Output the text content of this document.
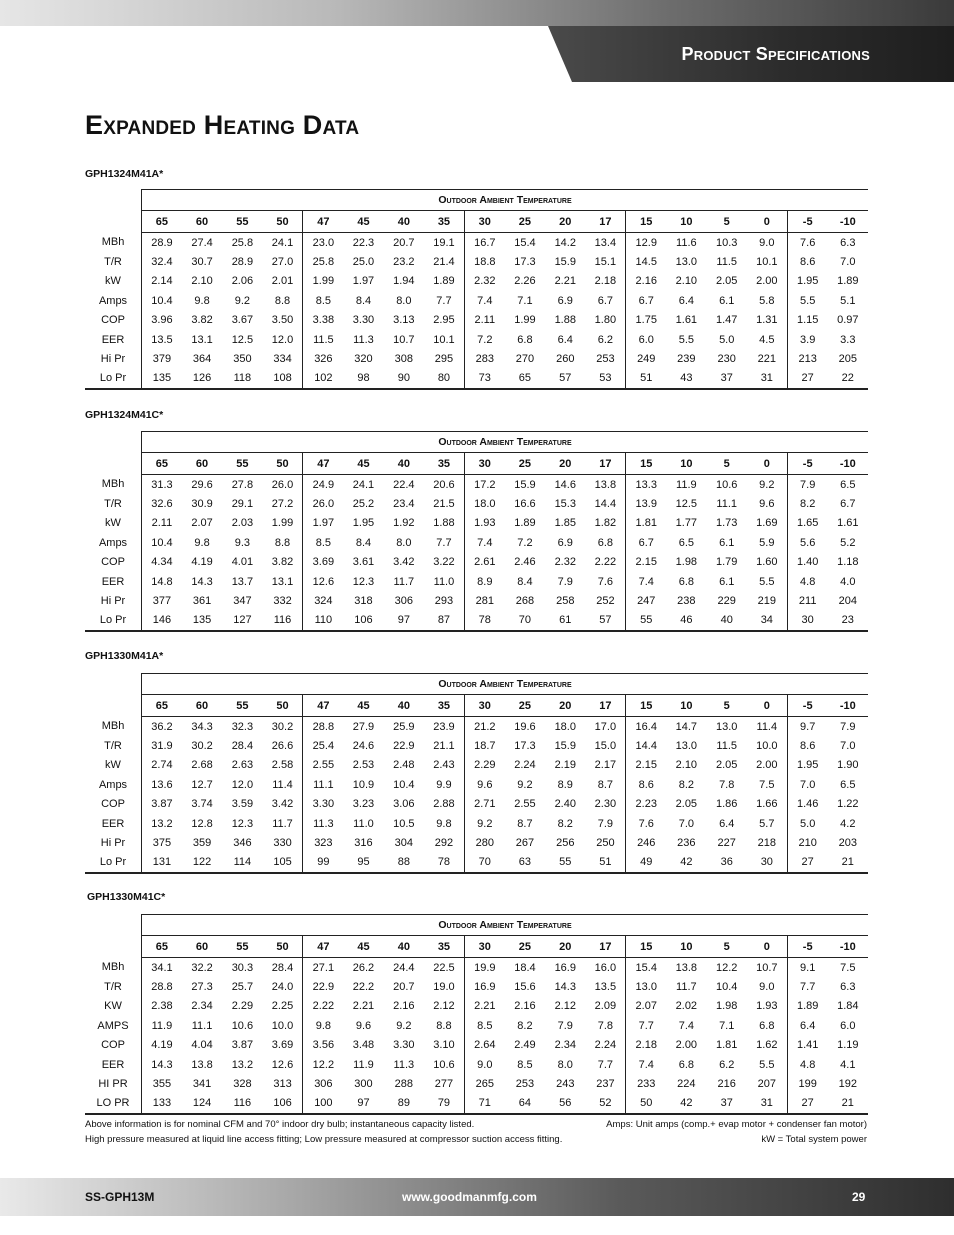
Product Specifications
Expanded Heating Data
GPH1324M41A*
	Outdoor Ambient Temperature																	
	65	60	55	50	47	45	40	35	30	25	20	17	15	10	5	0	-5	-10
MBh	28.9	27.4	25.8	24.1	23.0	22.3	20.7	19.1	16.7	15.4	14.2	13.4	12.9	11.6	10.3	9.0	7.6	6.3
T/R	32.4	30.7	28.9	27.0	25.8	25.0	23.2	21.4	18.8	17.3	15.9	15.1	14.5	13.0	11.5	10.1	8.6	7.0
kW	2.14	2.10	2.06	2.01	1.99	1.97	1.94	1.89	2.32	2.26	2.21	2.18	2.16	2.10	2.05	2.00	1.95	1.89
Amps	10.4	9.8	9.2	8.8	8.5	8.4	8.0	7.7	7.4	7.1	6.9	6.7	6.7	6.4	6.1	5.8	5.5	5.1
COP	3.96	3.82	3.67	3.50	3.38	3.30	3.13	2.95	2.11	1.99	1.88	1.80	1.75	1.61	1.47	1.31	1.15	0.97
EER	13.5	13.1	12.5	12.0	11.5	11.3	10.7	10.1	7.2	6.8	6.4	6.2	6.0	5.5	5.0	4.5	3.9	3.3
Hi Pr	379	364	350	334	326	320	308	295	283	270	260	253	249	239	230	221	213	205
Lo Pr	135	126	118	108	102	98	90	80	73	65	57	53	51	43	37	31	27	22
GPH1324M41C*
	Outdoor Ambient Temperature																	
	65	60	55	50	47	45	40	35	30	25	20	17	15	10	5	0	-5	-10
MBh	31.3	29.6	27.8	26.0	24.9	24.1	22.4	20.6	17.2	15.9	14.6	13.8	13.3	11.9	10.6	9.2	7.9	6.5
T/R	32.6	30.9	29.1	27.2	26.0	25.2	23.4	21.5	18.0	16.6	15.3	14.4	13.9	12.5	11.1	9.6	8.2	6.7
kW	2.11	2.07	2.03	1.99	1.97	1.95	1.92	1.88	1.93	1.89	1.85	1.82	1.81	1.77	1.73	1.69	1.65	1.61
Amps	10.4	9.8	9.3	8.8	8.5	8.4	8.0	7.7	7.4	7.2	6.9	6.8	6.7	6.5	6.1	5.9	5.6	5.2
COP	4.34	4.19	4.01	3.82	3.69	3.61	3.42	3.22	2.61	2.46	2.32	2.22	2.15	1.98	1.79	1.60	1.40	1.18
EER	14.8	14.3	13.7	13.1	12.6	12.3	11.7	11.0	8.9	8.4	7.9	7.6	7.4	6.8	6.1	5.5	4.8	4.0
Hi Pr	377	361	347	332	324	318	306	293	281	268	258	252	247	238	229	219	211	204
Lo Pr	146	135	127	116	110	106	97	87	78	70	61	57	55	46	40	34	30	23
GPH1330M41A*
	Outdoor Ambient Temperature																	
	65	60	55	50	47	45	40	35	30	25	20	17	15	10	5	0	-5	-10
MBh	36.2	34.3	32.3	30.2	28.8	27.9	25.9	23.9	21.2	19.6	18.0	17.0	16.4	14.7	13.0	11.4	9.7	7.9
T/R	31.9	30.2	28.4	26.6	25.4	24.6	22.9	21.1	18.7	17.3	15.9	15.0	14.4	13.0	11.5	10.0	8.6	7.0
kW	2.74	2.68	2.63	2.58	2.55	2.53	2.48	2.43	2.29	2.24	2.19	2.17	2.15	2.10	2.05	2.00	1.95	1.90
Amps	13.6	12.7	12.0	11.4	11.1	10.9	10.4	9.9	9.6	9.2	8.9	8.7	8.6	8.2	7.8	7.5	7.0	6.5
COP	3.87	3.74	3.59	3.42	3.30	3.23	3.06	2.88	2.71	2.55	2.40	2.30	2.23	2.05	1.86	1.66	1.46	1.22
EER	13.2	12.8	12.3	11.7	11.3	11.0	10.5	9.8	9.2	8.7	8.2	7.9	7.6	7.0	6.4	5.7	5.0	4.2
Hi Pr	375	359	346	330	323	316	304	292	280	267	256	250	246	236	227	218	210	203
Lo Pr	131	122	114	105	99	95	88	78	70	63	55	51	49	42	36	30	27	21
GPH1330M41C*
	Outdoor Ambient Temperature																	
	65	60	55	50	47	45	40	35	30	25	20	17	15	10	5	0	-5	-10
MBh	34.1	32.2	30.3	28.4	27.1	26.2	24.4	22.5	19.9	18.4	16.9	16.0	15.4	13.8	12.2	10.7	9.1	7.5
T/R	28.8	27.3	25.7	24.0	22.9	22.2	20.7	19.0	16.9	15.6	14.3	13.5	13.0	11.7	10.4	9.0	7.7	6.3
KW	2.38	2.34	2.29	2.25	2.22	2.21	2.16	2.12	2.21	2.16	2.12	2.09	2.07	2.02	1.98	1.93	1.89	1.84
AMPS	11.9	11.1	10.6	10.0	9.8	9.6	9.2	8.8	8.5	8.2	7.9	7.8	7.7	7.4	7.1	6.8	6.4	6.0
COP	4.19	4.04	3.87	3.69	3.56	3.48	3.30	3.10	2.64	2.49	2.34	2.24	2.18	2.00	1.81	1.62	1.41	1.19
EER	14.3	13.8	13.2	12.6	12.2	11.9	11.3	10.6	9.0	8.5	8.0	7.7	7.4	6.8	6.2	5.5	4.8	4.1
HI PR	355	341	328	313	306	300	288	277	265	253	243	237	233	224	216	207	199	192
LO PR	133	124	116	106	100	97	89	79	71	64	56	52	50	42	37	31	27	21
Above information is for nominal CFM and 70° indoor dry bulb; instantaneous capacity listed.	Amps: Unit amps (comp.+ evap motor + condenser fan motor)
High pressure measured at liquid line access fitting; Low pressure measured at compressor suction access fitting.	kW = Total system power
SS-GPH13M	www.goodmanmfg.com	29
